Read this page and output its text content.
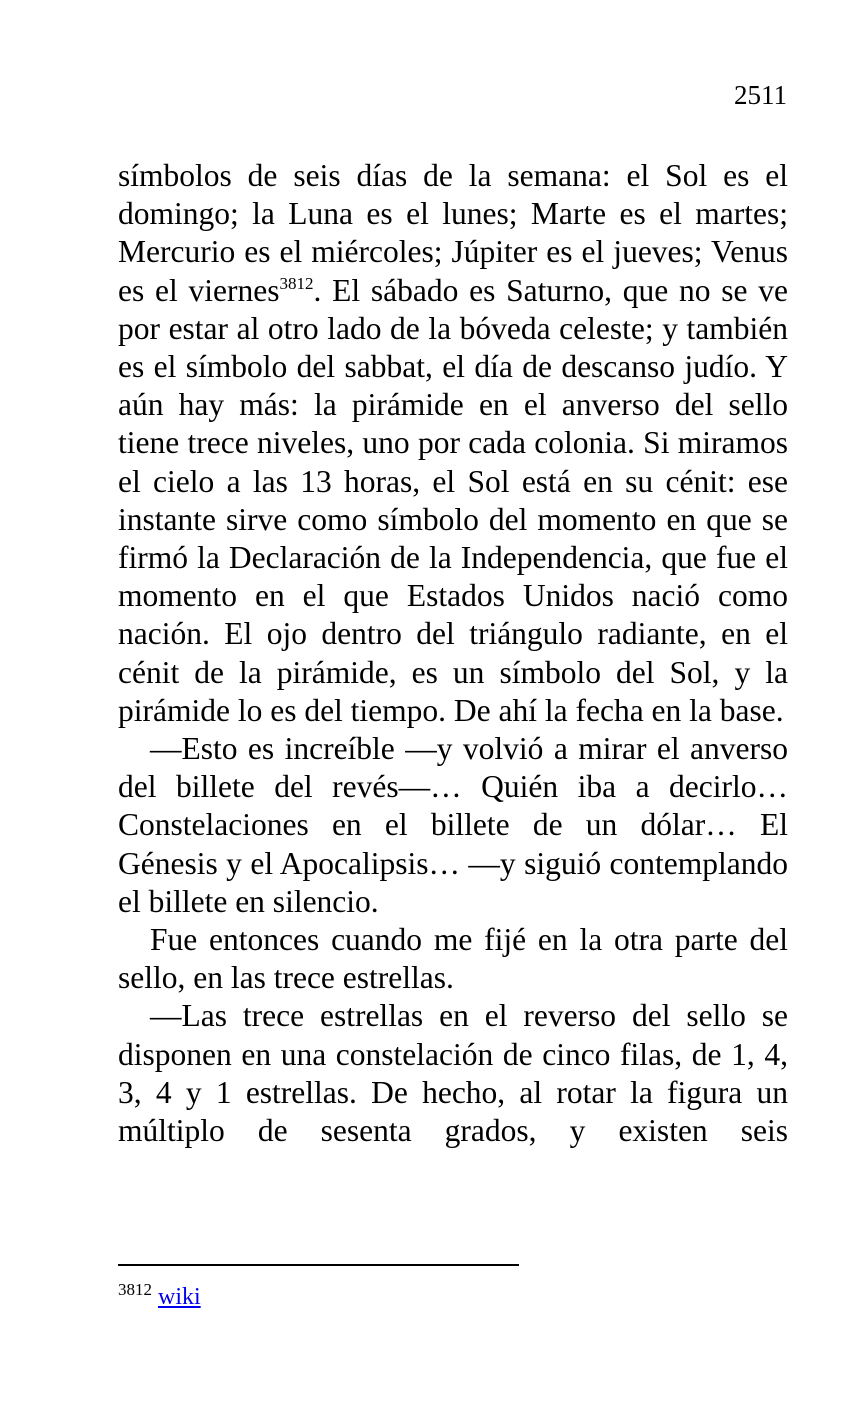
2511

símbolos de seis días de la semana: el Sol es el domingo; la Luna es el lunes; Marte es el martes; Mercurio es el miércoles; Júpiter es el jueves; Venus es el viernes$^{3812}$. El sábado es Saturno, que no se ve por estar al otro lado de la bóveda celeste; y también es el símbolo del sabbat, el día de descanso judío. Y aún hay más: la pirámide en el anverso del sello tiene trece niveles, uno por cada colonia. Si miramos el cielo a las 13 horas, el Sol está en su cénit: ese instante sirve como símbolo del momento en que se firmó la Declaración de la Independencia, que fue el momento en el que Estados Unidos nació como nación. El ojo dentro del triángulo radiante, en el cénit de la pirámide, es un símbolo del Sol, y la pirámide lo es del tiempo. De ahí la fecha en la base.

—Esto es increíble —y volvió a mirar el anverso del billete del revés—… Quién iba a decirlo… Constelaciones en el billete de un dólar… El Génesis y el Apocalipsis… —y siguió contemplando el billete en silencio.

Fue entonces cuando me fijé en la otra parte del sello, en las trece estrellas.

—Las trece estrellas en el reverso del sello se disponen en una constelación de cinco filas, de 1, 4, 3, 4 y 1 estrellas. De hecho, al rotar la figura un múltiplo de sesenta grados, y existen seis

$^{3812}$ wiki
